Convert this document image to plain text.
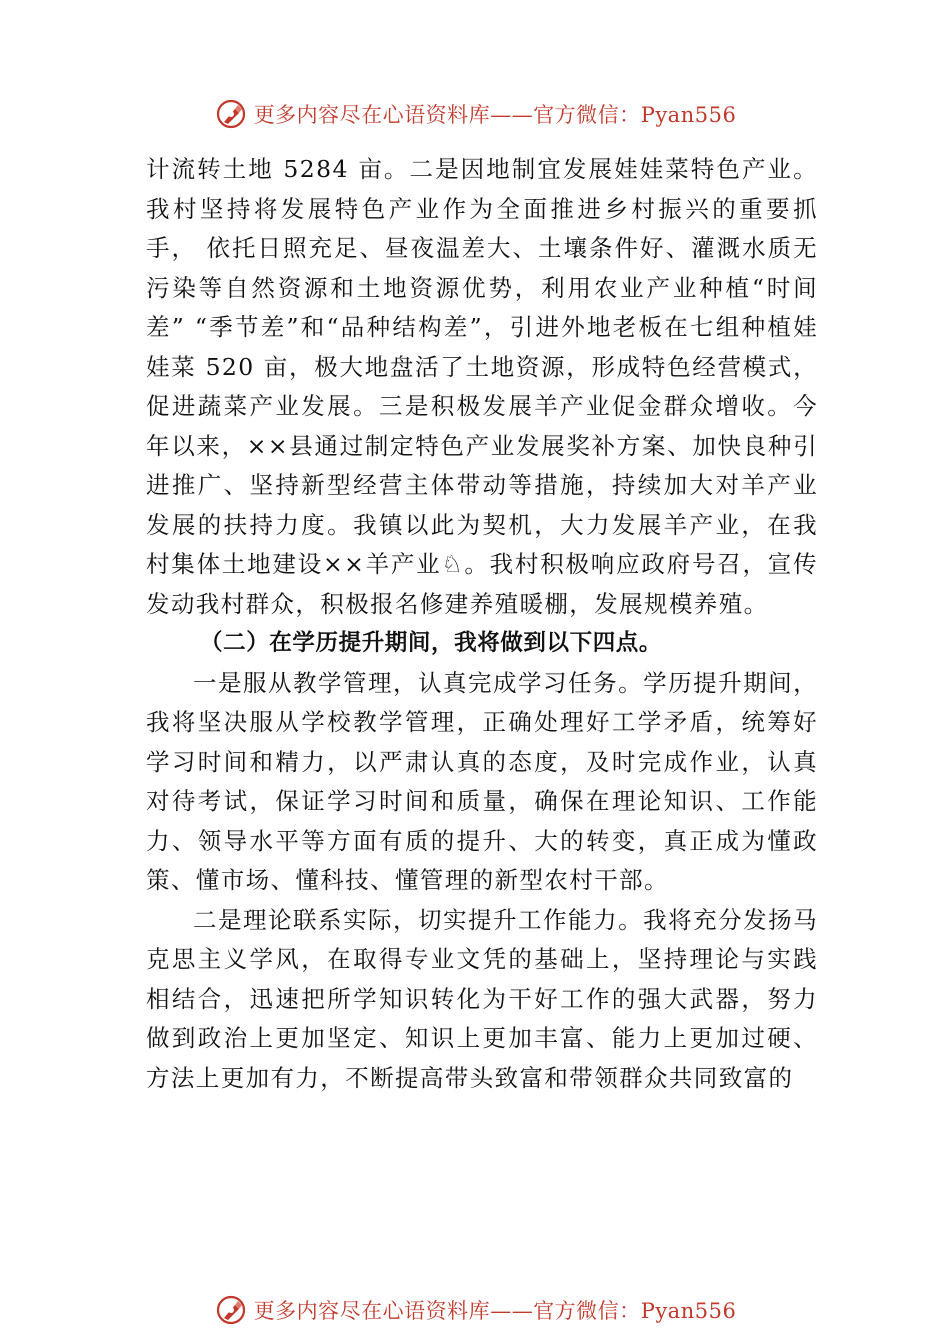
更多内容尽在心语资料库——官方微信：Pyan556

计流转土地 5284 亩。二是因地制宜发展娃娃菜特色产业。我村坚持将发展特色产业作为全面推进乡村振兴的重要抓手， 依托日照充足、昼夜温差大、土壤条件好、灌溉水质无污染等自然资源和土地资源优势，利用农业产业种植“时间差” “季节差”和“品种结构差”，引进外地老板在七组种植娃娃菜 520 亩，极大地盘活了土地资源，形成特色经营模式，促进蔬菜产业发展。三是积极发展羊产业促金群众增收。今年以来，××县通过制定特色产业发展奖补方案、加快良种引进推广、坚持新型经营主体带动等措施，持续加大对羊产业发展的扶持力度。我镇以此为契机，大力发展羊产业，在我村集体土地建设××羊产业♘。我村积极响应政府号召，宣传发动我村群众，积极报名修建养殖暖棚，发展规模养殖。

（二）在学历提升期间，我将做到以下四点。

一是服从教学管理，认真完成学习任务。学历提升期间，我将坚决服从学校教学管理，正确处理好工学矛盾，统筹好学习时间和精力，以严肃认真的态度，及时完成作业，认真对待考试，保证学习时间和质量，确保在理论知识、工作能力、领导水平等方面有质的提升、大的转变，真正成为懂政策、懂市场、懂科技、懂管理的新型农村干部。

二是理论联系实际，切实提升工作能力。我将充分发扬马克思主义学风，在取得专业文凭的基础上，坚持理论与实践相结合，迅速把所学知识转化为干好工作的强大武器，努力做到政治上更加坚定、知识上更加丰富、能力上更加过硬、方法上更加有力，不断提高带头致富和带领群众共同致富的

更多内容尽在心语资料库——官方微信：Pyan556
